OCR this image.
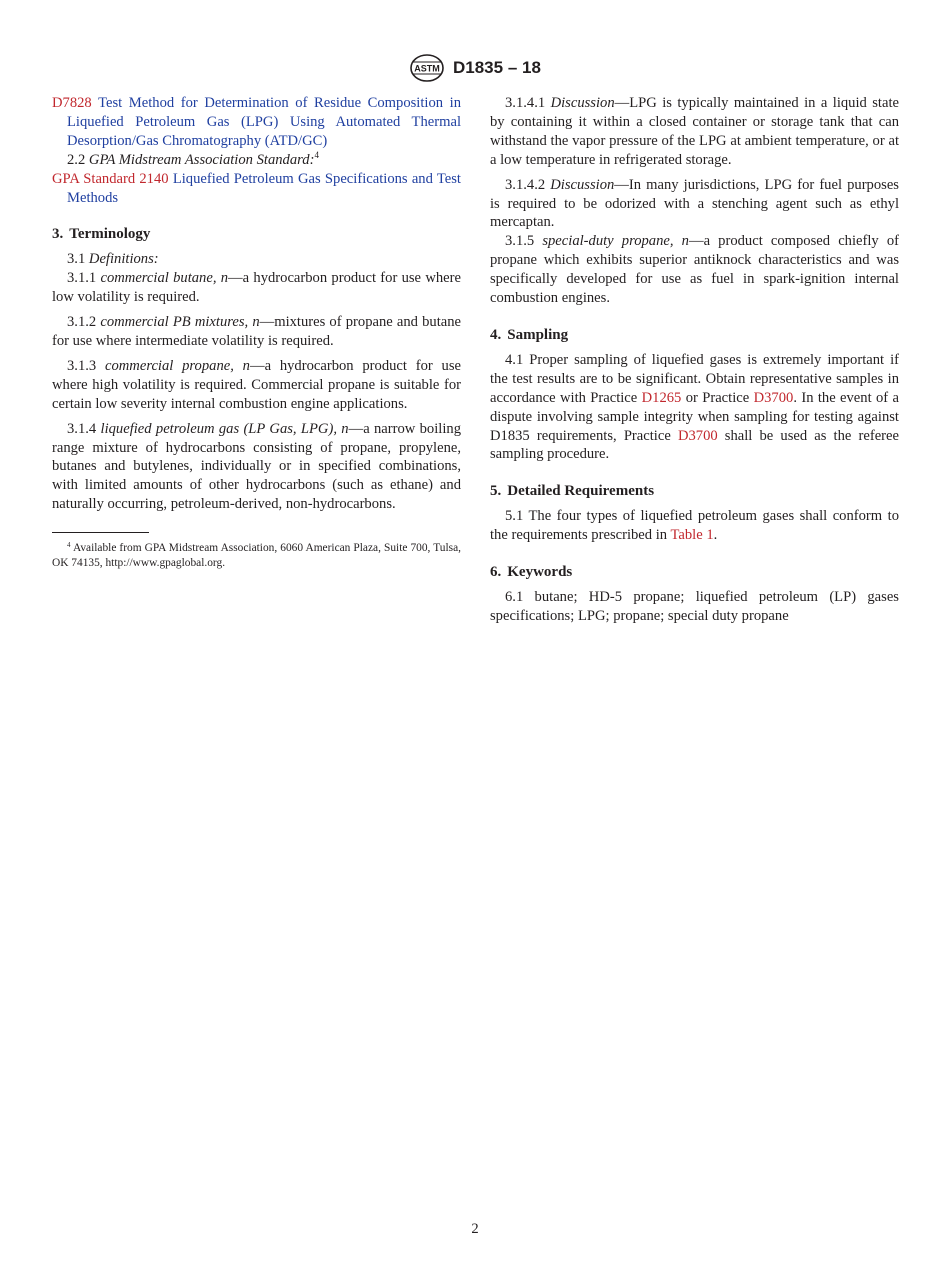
ASTM D1835 – 18

D7828 Test Method for Determination of Residue Composition in Liquefied Petroleum Gas (LPG) Using Automated Thermal Desorption/Gas Chromatography (ATD/GC)

2.2 GPA Midstream Association Standard:$^4$

GPA Standard 2140 Liquefied Petroleum Gas Specifications and Test Methods

3. Terminology

3.1 Definitions:

3.1.1 commercial butane, n—a hydrocarbon product for use where low volatility is required.

3.1.2 commercial PB mixtures, n—mixtures of propane and butane for use where intermediate volatility is required.

3.1.3 commercial propane, n—a hydrocarbon product for use where high volatility is required. Commercial propane is suitable for certain low severity internal combustion engine applications.

3.1.4 liquefied petroleum gas (LP Gas, LPG), n—a narrow boiling range mixture of hydrocarbons consisting of propane, propylene, butanes and butylenes, individually or in specified combinations, with limited amounts of other hydrocarbons (such as ethane) and naturally occurring, petroleum-derived, non-hydrocarbons.

$^4$ Available from GPA Midstream Association, 6060 American Plaza, Suite 700, Tulsa, OK 74135, http://www.gpaglobal.org.

3.1.4.1 Discussion—LPG is typically maintained in a liquid state by containing it within a closed container or storage tank that can withstand the vapor pressure of the LPG at ambient temperature, or at a low temperature in refrigerated storage.

3.1.4.2 Discussion—In many jurisdictions, LPG for fuel purposes is required to be odorized with a stenching agent such as ethyl mercaptan.

3.1.5 special-duty propane, n—a product composed chiefly of propane which exhibits superior antiknock characteristics and was specifically developed for use as fuel in spark-ignition internal combustion engines.

4. Sampling

4.1 Proper sampling of liquefied gases is extremely important if the test results are to be significant. Obtain representative samples in accordance with Practice D1265 or Practice D3700. In the event of a dispute involving sample integrity when sampling for testing against D1835 requirements, Practice D3700 shall be used as the referee sampling procedure.

5. Detailed Requirements

5.1 The four types of liquefied petroleum gases shall conform to the requirements prescribed in Table 1.

6. Keywords

6.1 butane; HD-5 propane; liquefied petroleum (LP) gases specifications; LPG; propane; special duty propane

2
